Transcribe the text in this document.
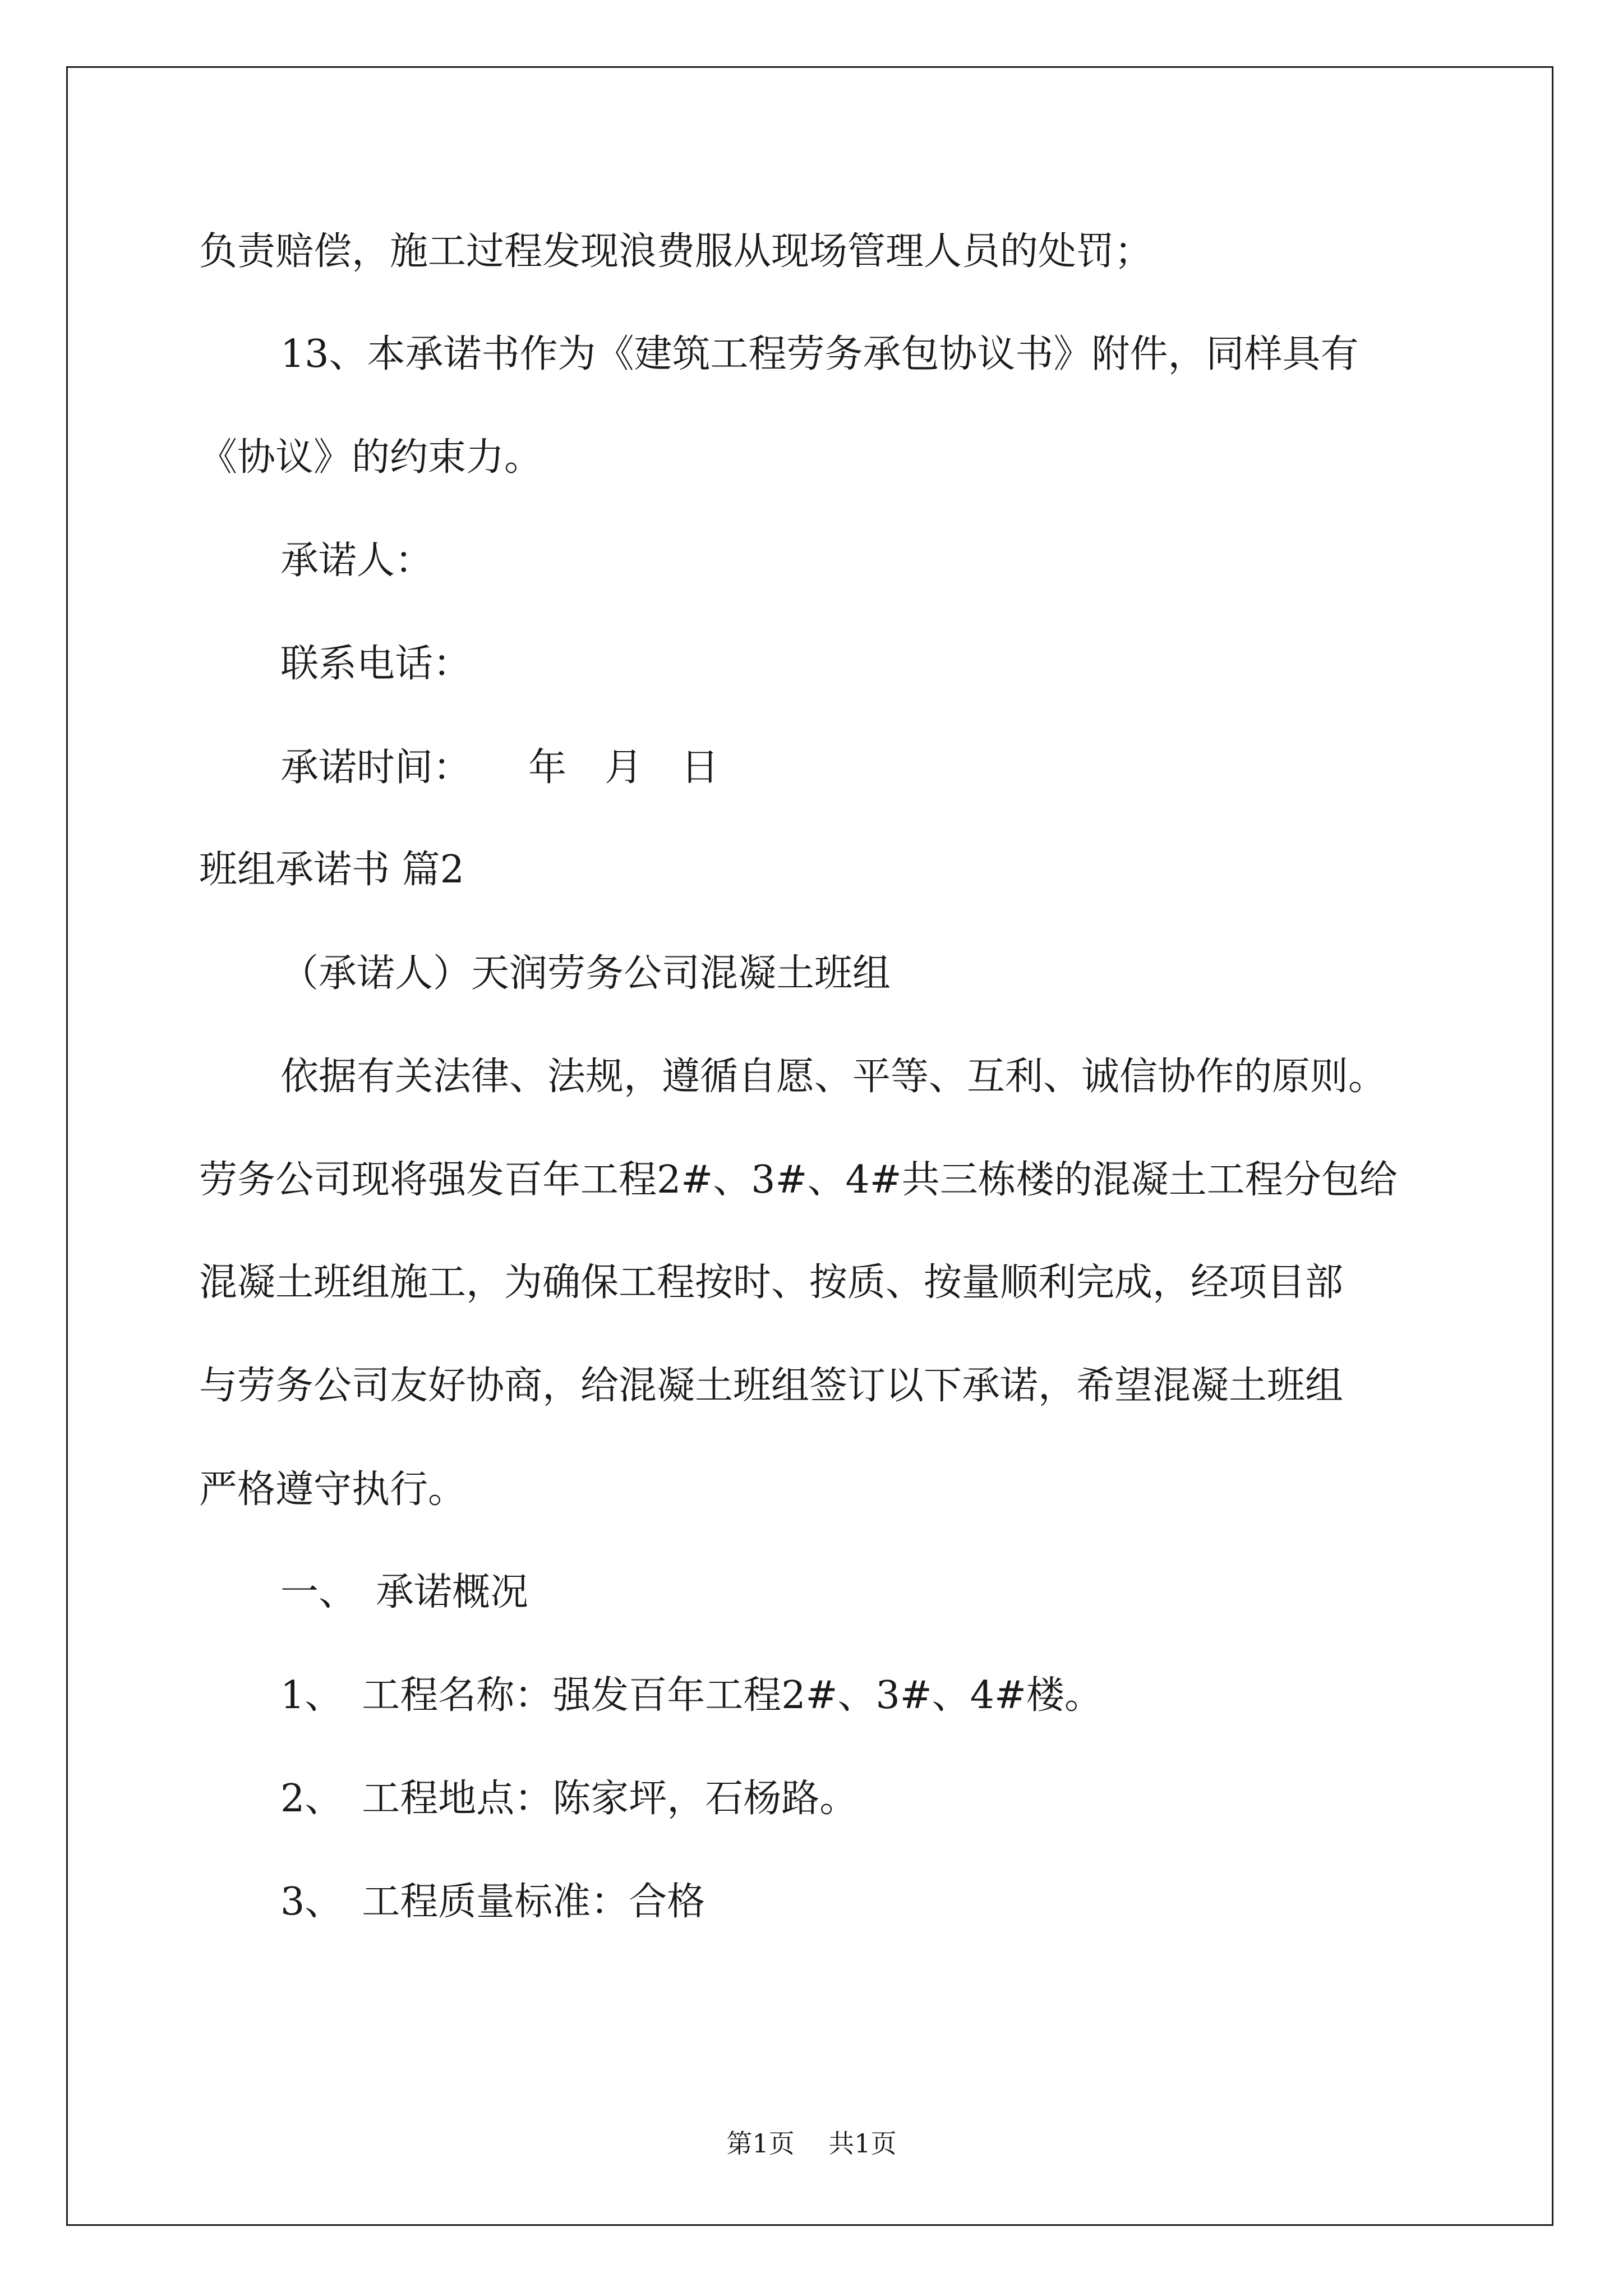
负责赔偿，施工过程发现浪费服从现场管理人员的处罚；
13、本承诺书作为《建筑工程劳务承包协议书》附件，同样具有
《协议》的约束力。
承诺人：
联系电话：
承诺时间：　　年　月　日
班组承诺书 篇2
（承诺人）天润劳务公司混凝土班组
依据有关法律、法规，遵循自愿、平等、互利、诚信协作的原则。
劳务公司现将强发百年工程2#、3#、4#共三栋楼的混凝土工程分包给
混凝土班组施工，为确保工程按时、按质、按量顺利完成，经项目部
与劳务公司友好协商，给混凝土班组签订以下承诺，希望混凝土班组
严格遵守执行。
一、　承诺概况
1、　工程名称：强发百年工程2#、3#、4#楼。
2、　工程地点：陈家坪，石杨路。
3、　工程质量标准：合格
第1页　 共1页
